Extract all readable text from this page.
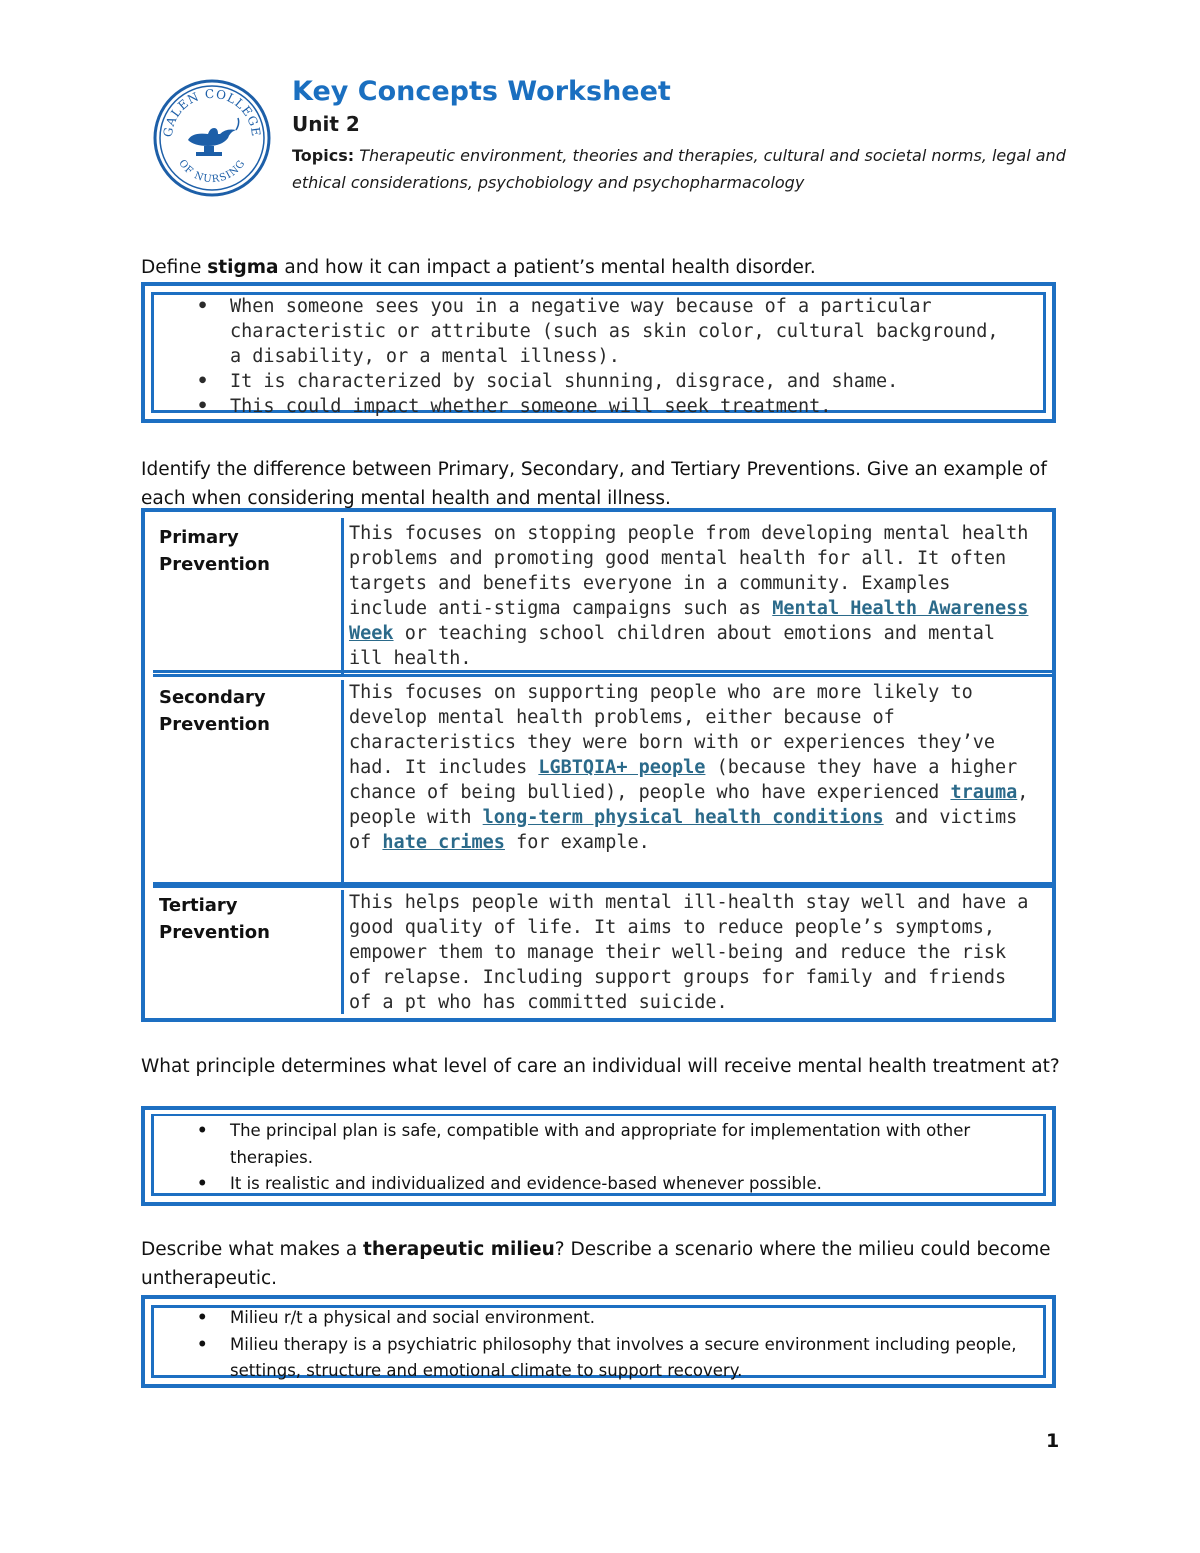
GALEN COLLEGE
OF NURSING
Key Concepts Worksheet
Unit 2
Topics: Therapeutic environment, theories and therapies, cultural and societal norms, legal and ethical considerations, psychobiology and psychopharmacology
Define stigma and how it can impact a patient’s mental health disorder.
• When someone sees you in a negative way because of a particular characteristic or attribute (such as skin color, cultural background, a disability, or a mental illness).
• It is characterized by social shunning, disgrace, and shame.
• This could impact whether someone will seek treatment.
Identify the difference between Primary, Secondary, and Tertiary Preventions. Give an example of each when considering mental health and mental illness.
Primary Prevention
This focuses on stopping people from developing mental health problems and promoting good mental health for all. It often targets and benefits everyone in a community. Examples include anti-stigma campaigns such as Mental Health Awareness Week or teaching school children about emotions and mental ill health.
Secondary Prevention
This focuses on supporting people who are more likely to develop mental health problems, either because of characteristics they were born with or experiences they’ve had. It includes LGBTQIA+ people (because they have a higher chance of being bullied), people who have experienced trauma, people with long-term physical health conditions and victims of hate crimes for example.
Tertiary Prevention
This helps people with mental ill-health stay well and have a good quality of life. It aims to reduce people’s symptoms, empower them to manage their well-being and reduce the risk of relapse. Including support groups for family and friends of a pt who has committed suicide.
What principle determines what level of care an individual will receive mental health treatment at?
• The principal plan is safe, compatible with and appropriate for implementation with other therapies.
• It is realistic and individualized and evidence-based whenever possible.
Describe what makes a therapeutic milieu? Describe a scenario where the milieu could become untherapeutic.
• Milieu r/t a physical and social environment.
• Milieu therapy is a psychiatric philosophy that involves a secure environment including people, settings, structure and emotional climate to support recovery.
1
